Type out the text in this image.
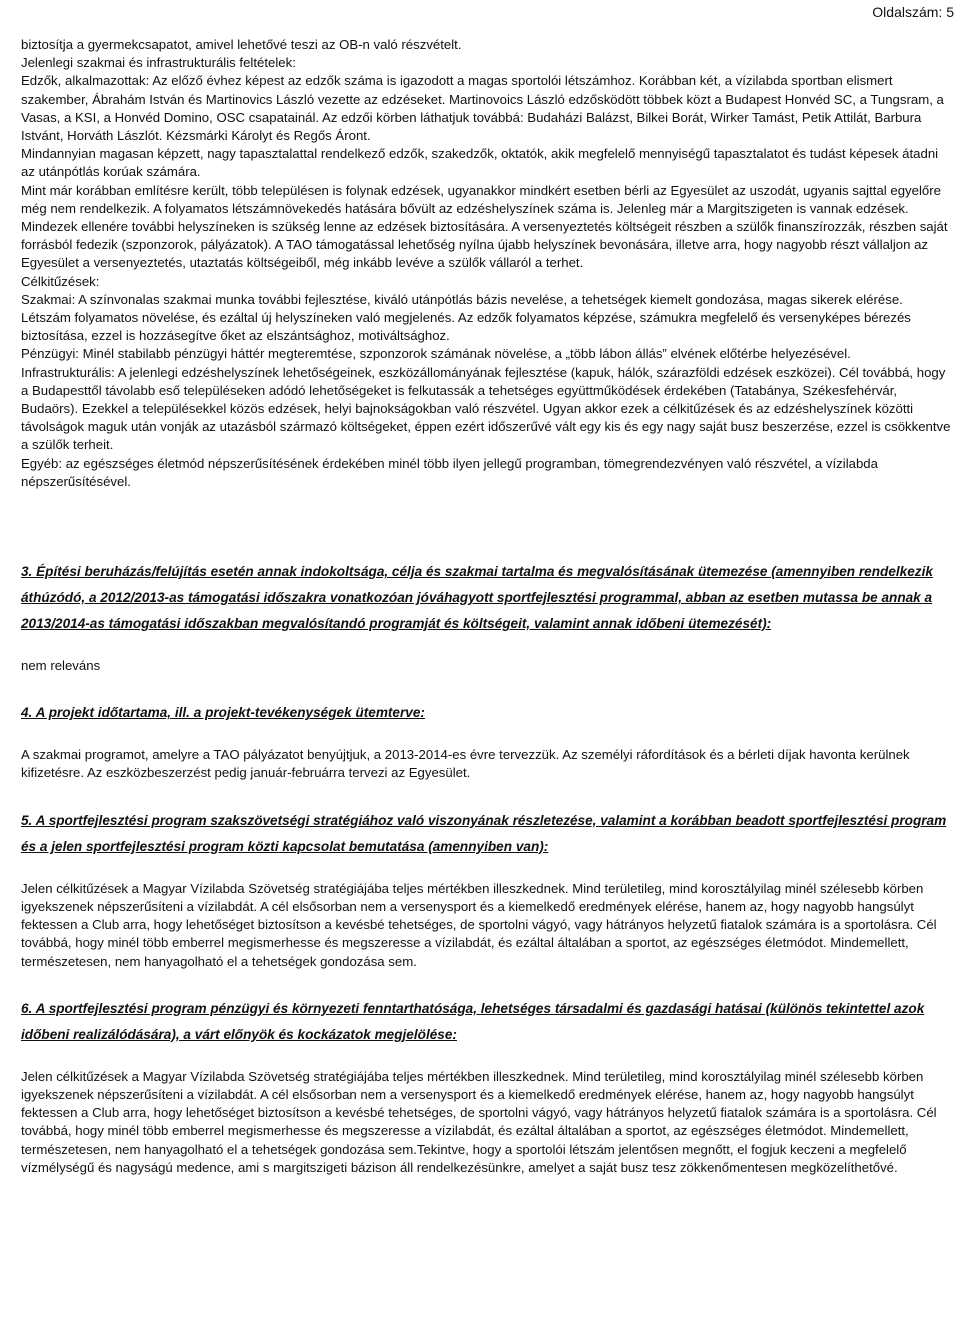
Oldalszám: 5

biztosítja a gyermekcsapatot, amivel lehetővé teszi az OB-n való részvételt.

Jelenlegi szakmai és infrastrukturális feltételek:

Edzők, alkalmazottak: Az előző évhez képest az edzők száma is igazodott a magas sportolói létszámhoz. Korábban két, a vízilabda sportban elismert szakember, Ábrahám István és Martinovics László vezette az edzéseket. Martinovoics László edzősködött többek közt a Budapest Honvéd SC, a Tungsram, a Vasas, a KSI, a Honvéd Domino, OSC csapatainál. Az edzői körben láthatjuk továbbá: Budaházi Balázst, Bilkei Borát, Wirker Tamást, Petik Attilát, Barbura Istvánt, Horváth Lászlót. Kézsmárki Károlyt és Regős Áront.

Mindannyian magasan képzett, nagy tapasztalattal rendelkező edzők, szakedzők, oktatók, akik megfelelő mennyiségű tapasztalatot és tudást képesek átadni az utánpótlás korúak számára.

Mint már korábban említésre került, több településen is folynak edzések, ugyanakkor mindkért esetben bérli az Egyesület az uszodát, ugyanis sajttal egyelőre még nem rendelkezik. A folyamatos létszámnövekedés hatására bővült az edzéshelyszínek száma is. Jelenleg már a Margitszigeten is vannak edzések. Mindezek ellenére további helyszíneken is szükség lenne az edzések biztosítására. A versenyeztetés költségeit részben a szülők finanszírozzák, részben saját forrásból fedezik (szponzorok, pályázatok). A TAO támogatással lehetőség nyílna újabb helyszínek bevonására, illetve arra, hogy nagyobb részt vállaljon az Egyesület a versenyeztetés, utaztatás költségeiből, még inkább levéve a szülők vállaról a terhet.

Célkitűzések:

Szakmai: A színvonalas szakmai munka további fejlesztése, kiváló utánpótlás bázis nevelése, a tehetségek kiemelt gondozása, magas sikerek elérése. Létszám folyamatos növelése, és ezáltal új helyszíneken való megjelenés. Az edzők folyamatos képzése, számukra megfelelő és versenyképes bérezés biztosítása, ezzel is hozzásegítve őket az elszántsághoz, motiváltsághoz.

Pénzügyi: Minél stabilabb pénzügyi háttér megteremtése, szponzorok számának növelése, a „több lábon állás” elvének előtérbe helyezésével.

Infrastrukturális: A jelenlegi edzéshelyszínek lehetőségeinek, eszközállományának fejlesztése (kapuk, hálók, szárazföldi edzések eszközei). Cél továbbá, hogy a Budapesttől távolabb eső településeken adódó lehetőségeket is felkutassák a tehetséges együttműködések érdekében (Tatabánya, Székesfehérvár, Budaörs). Ezekkel a településekkel közös edzések, helyi bajnokságokban való részvétel. Ugyan akkor ezek a célkitűzések és az edzéshelyszínek közötti távolságok maguk után vonják az utazásból származó költségeket, éppen ezért időszerűvé vált egy kis és egy nagy saját busz beszerzése, ezzel is csökkentve a szülők terheit.

Egyéb: az egészséges életmód népszerűsítésének érdekében minél több ilyen jellegű programban, tömegrendezvényen való részvétel, a vízilabda népszerűsítésével.

3. Építési beruházás/felújítás esetén annak indokoltsága, célja és szakmai tartalma és megvalósításának ütemezése (amennyiben rendelkezik áthúzódó, a 2012/2013-as támogatási időszakra vonatkozóan jóváhagyott sportfejlesztési programmal, abban az esetben mutassa be annak a 2013/2014-as támogatási időszakban megvalósítandó programját és költségeit, valamint annak időbeni ütemezését):

nem releváns

4. A projekt időtartama, ill. a projekt-tevékenységek ütemterve:

A szakmai programot, amelyre a TAO pályázatot benyújtjuk, a 2013-2014-es évre tervezzük. Az személyi ráfordítások és a bérleti díjak havonta kerülnek kifizetésre. Az eszközbeszerzést pedig január-februárra tervezi az Egyesület.

5. A sportfejlesztési program szakszövetségi stratégiához való viszonyának részletezése, valamint a korábban beadott sportfejlesztési program és a jelen sportfejlesztési program közti kapcsolat bemutatása (amennyiben van):

Jelen célkitűzések a Magyar Vízilabda Szövetség stratégiájába teljes mértékben illeszkednek. Mind területileg, mind korosztályilag minél szélesebb körben igyekszenek népszerűsíteni a vízilabdát. A cél elsősorban nem a versenysport és a kiemelkedő eredmények elérése, hanem az, hogy nagyobb hangsúlyt fektessen a Club arra, hogy lehetőséget biztosítson a kevésbé tehetséges, de sportolni vágyó, vagy hátrányos helyzetű fiatalok számára is a sportolásra. Cél továbbá, hogy minél több emberrel megismerhesse és megszeresse a vízilabdát, és ezáltal általában a sportot, az egészséges életmódot. Mindemellett, természetesen, nem hanyagolható el a tehetségek gondozása sem.

6. A sportfejlesztési program pénzügyi és környezeti fenntarthatósága, lehetséges társadalmi és gazdasági hatásai (különös tekintettel azok időbeni realizálódására), a várt előnyök és kockázatok megjelölése:

Jelen célkitűzések a Magyar Vízilabda Szövetség stratégiájába teljes mértékben illeszkednek. Mind területileg, mind korosztályilag minél szélesebb körben igyekszenek népszerűsíteni a vízilabdát. A cél elsősorban nem a versenysport és a kiemelkedő eredmények elérése, hanem az, hogy nagyobb hangsúlyt fektessen a Club arra, hogy lehetőséget biztosítson a kevésbé tehetséges, de sportolni vágyó, vagy hátrányos helyzetű fiatalok számára is a sportolásra. Cél továbbá, hogy minél több emberrel megismerhesse és megszeresse a vízilabdát, és ezáltal általában a sportot, az egészséges életmódot. Mindemellett, természetesen, nem hanyagolható el a tehetségek gondozása sem.Tekintve, hogy a sportolói létszám jelentősen megnőtt, el fogjuk keczeni a megfelelő vízmélységű és nagyságú medence, ami s margitszigeti bázison áll rendelkezésünkre, amelyet a saját busz tesz zökkenőmentesen megközelíthetővé.
